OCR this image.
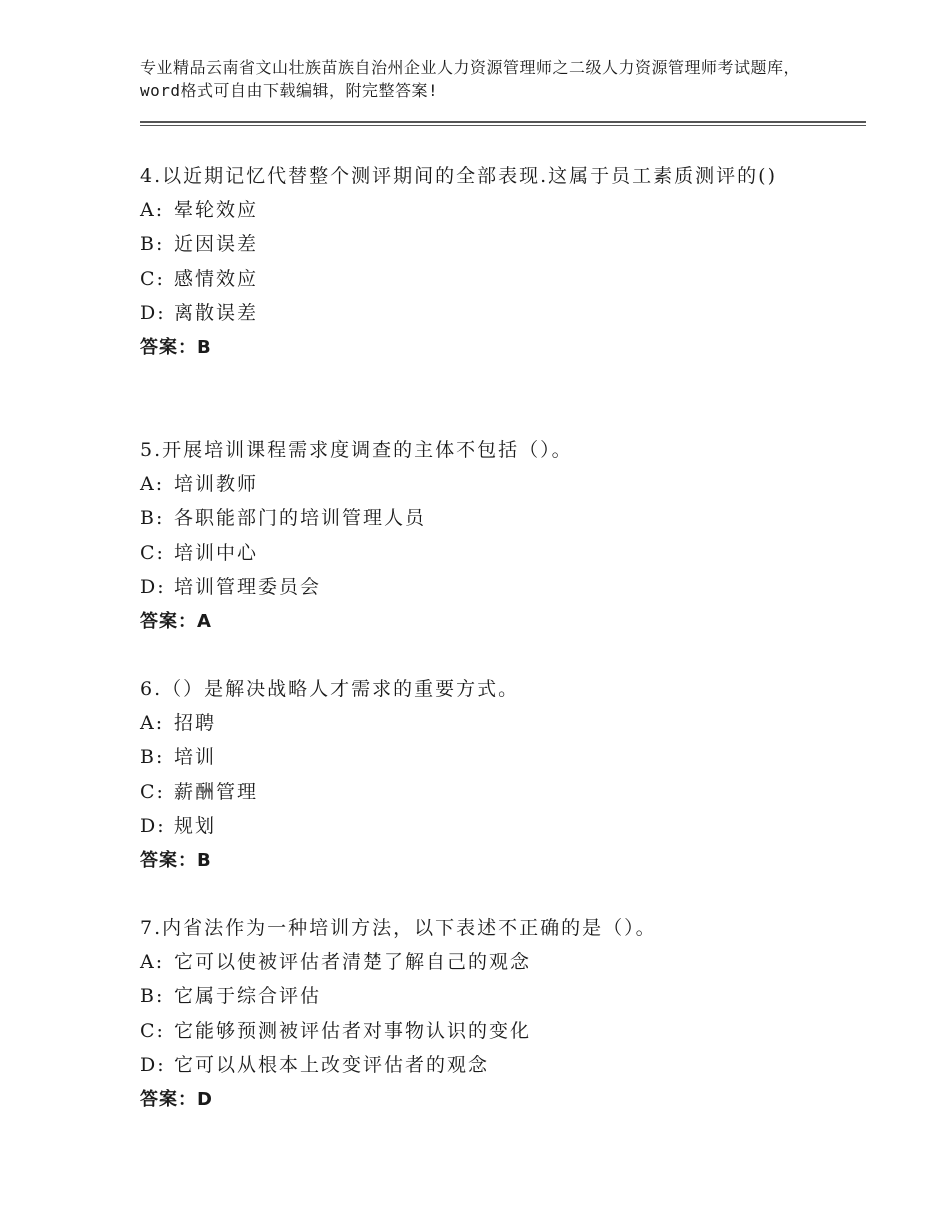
专业精品云南省文山壮族苗族自治州企业人力资源管理师之二级人力资源管理师考试题库，word格式可自由下载编辑，附完整答案!

4.以近期记忆代替整个测评期间的全部表现.这属于员工素质测评的()

A: 晕轮效应

B: 近因误差

C: 感情效应

D: 离散误差

答案：B

5.开展培训课程需求度调查的主体不包括（）。

A: 培训教师

B: 各职能部门的培训管理人员

C: 培训中心

D: 培训管理委员会

答案：A

6.（）是解决战略人才需求的重要方式。

A: 招聘

B: 培训

C: 薪酬管理

D: 规划

答案：B

7.内省法作为一种培训方法，以下表述不正确的是（）。

A: 它可以使被评估者清楚了解自己的观念

B: 它属于综合评估

C: 它能够预测被评估者对事物认识的变化

D: 它可以从根本上改变评估者的观念

答案：D
